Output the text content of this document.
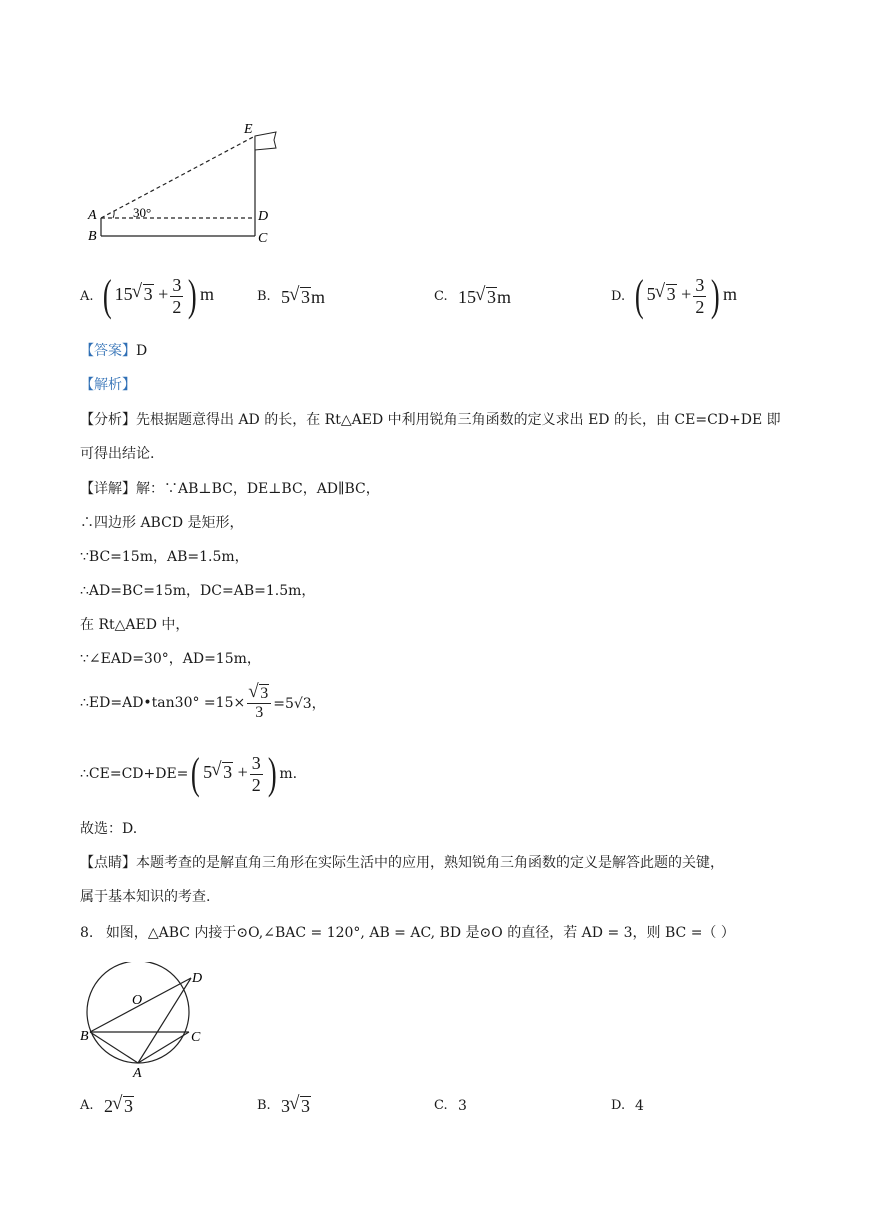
E
A
B
D
C
30°
A. ( 15 √ $3 + \frac{3}{2}$ ) m	B. 5 √ 3m	C. 15 √ 3m	D. ( 5 √ $3 + \frac{3}{2}$ ) m
【答案】D
【解析】
【分析】先根据题意得出 AD 的长，在 Rt△AED 中利用锐角三角函数的定义求出 ED 的长，由 CE=CD+DE 即
可得出结论.
【详解】解：∵AB⊥BC，DE⊥BC，AD∥BC，
∴四边形 ABCD 是矩形，
∵BC=15m，AB=1.5m，
∴AD=BC=15m，DC=AB=1.5m，
在 Rt△AED 中，
∵∠EAD=30°，AD=15m，
∴ED=AD•tan30° =15× √ $\frac{3}{3} =5√3$，
∴CE=CD+DE= ( 5 √ $3 + \frac{3}{2}$ ) m.
故选：D.
【点睛】本题考查的是解直角三角形在实际生活中的应用，熟知锐角三角函数的定义是解答此题的关键，
属于基本知识的考查.
8. 如图，△ABC 内接于⊙O,∠BAC = 120°, AB = AC, BD 是⊙O 的直径，若 AD = 3，则 BC =（ ）
O
D
B	C
A
A. 2 √ 3	B. 3 √ 3	C. 3	D. 4
